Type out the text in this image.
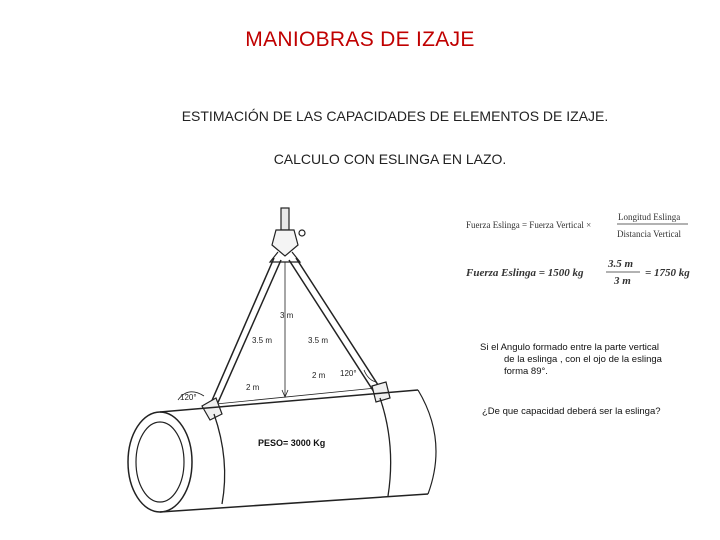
MANIOBRAS DE IZAJE
ESTIMACIÓN DE LAS CAPACIDADES DE ELEMENTOS DE IZAJE.
CALCULO CON ESLINGA EN LAZO.
3 m
3.5 m	3.5 m
2 m
2 m
120°
120°
PESO= 3000 Kg
Fuerza Eslinga = Fuerza Vertical ×
Longitud Eslinga
Distancia Vertical
Fuerza Eslinga = 1500 kg
3.5 m
3 m
= 1750 kg
Si el Angulo formado entre la parte vertical
de la eslinga , con el ojo de la eslinga
forma 89°.
¿De que capacidad deberá ser la eslinga?
